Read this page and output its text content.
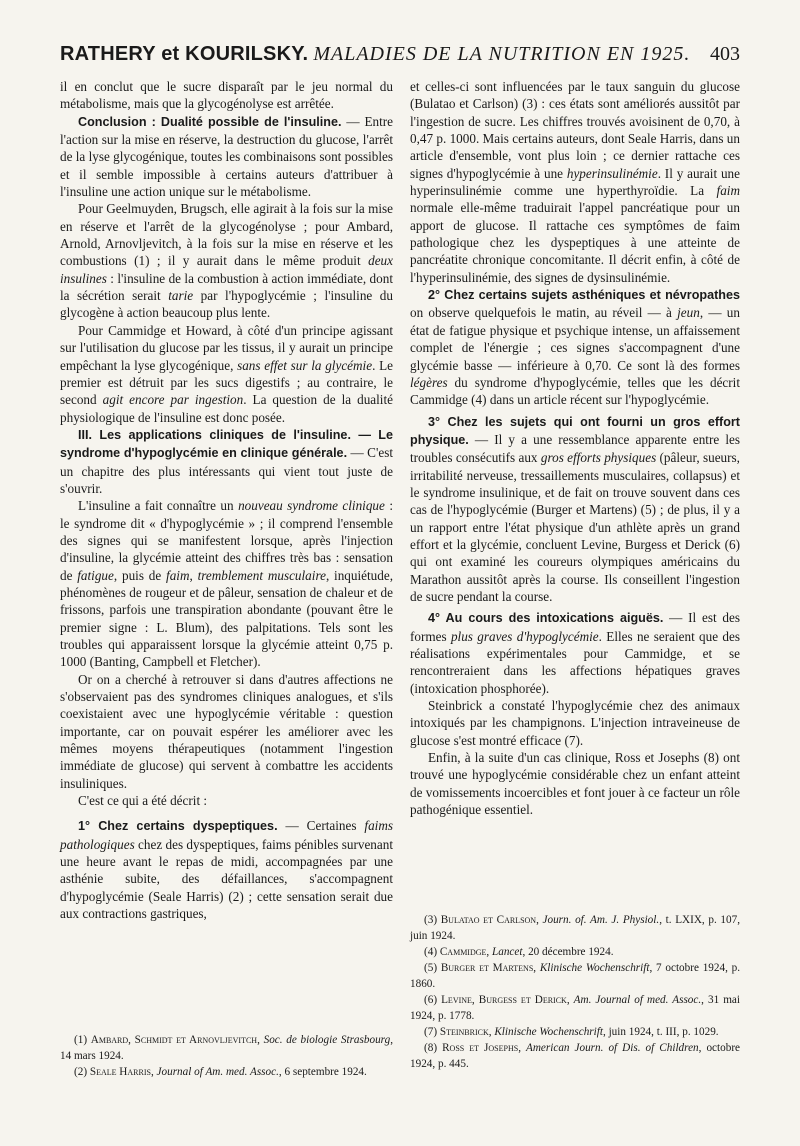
RATHERY et KOURILSKY. MALADIES DE LA NUTRITION EN 1925. 403

il en conclut que le sucre disparaît par le jeu normal du métabolisme, mais que la glycogénolyse est arrêtée.

Conclusion : Dualité possible de l'insuline. — Entre l'action sur la mise en réserve, la destruction du glucose, l'arrêt de la lyse glycogénique, toutes les combinaisons sont possibles et il semble impossible à certains auteurs d'attribuer à l'insuline une action unique sur le métabolisme.

Pour Geelmuyden, Brugsch, elle agirait à la fois sur la mise en réserve et l'arrêt de la glycogénolyse ; pour Ambard, Arnold, Arnovljevitch, à la fois sur la mise en réserve et les combustions (1) ; il y aurait dans le même produit deux insulines : l'insuline de la combustion à action immédiate, dont la sécrétion serait tarie par l'hypoglycémie ; l'insuline du glycogène à action beaucoup plus lente.

Pour Cammidge et Howard, à côté d'un principe agissant sur l'utilisation du glucose par les tissus, il y aurait un principe empêchant la lyse glycogénique, sans effet sur la glycémie. Le premier est détruit par les sucs digestifs ; au contraire, le second agit encore par ingestion. La question de la dualité physiologique de l'insuline est donc posée.

III. Les applications cliniques de l'insuline. — Le syndrome d'hypoglycémie en clinique générale. — C'est un chapitre des plus intéressants qui vient tout juste de s'ouvrir.

L'insuline a fait connaître un nouveau syndrome clinique : le syndrome dit « d'hypoglycémie » ; il comprend l'ensemble des signes qui se manifestent lorsque, après l'injection d'insuline, la glycémie atteint des chiffres très bas : sensation de fatigue, puis de faim, tremblement musculaire, inquiétude, phénomènes de rougeur et de pâleur, sensation de chaleur et de frissons, parfois une transpiration abondante (pouvant être le premier signe : L. Blum), des palpitations. Tels sont les troubles qui apparaissent lorsque la glycémie atteint 0,75 p. 1000 (Banting, Campbell et Fletcher).

Or on a cherché à retrouver si dans d'autres affections ne s'observaient pas des syndromes cliniques analogues, et s'ils coexistaient avec une hypoglycémie véritable : question importante, car on pouvait espérer les améliorer avec les mêmes moyens thérapeutiques (notamment l'ingestion immédiate de glucose) qui servent à combattre les accidents insuliniques.

C'est ce qui a été décrit :

1° Chez certains dyspeptiques. — Certaines faims pathologiques chez des dyspeptiques, faims pénibles survenant une heure avant le repas de midi, accompagnées par une asthénie subite, des défaillances, s'accompagnent d'hypoglycémie (Seale Harris) (2) ; cette sensation serait due aux contractions gastriques,

(1) Ambard, Schmidt et Arnovljevitch, Soc. de biologie Strasbourg, 14 mars 1924.

(2) Seale Harris, Journal of Am. med. Assoc., 6 septembre 1924.

et celles-ci sont influencées par le taux sanguin du glucose (Bulatao et Carlson) (3) : ces états sont améliorés aussitôt par l'ingestion de sucre. Les chiffres trouvés avoisinent de 0,70, à 0,47 p. 1000. Mais certains auteurs, dont Seale Harris, dans un article d'ensemble, vont plus loin ; ce dernier rattache ces signes d'hypoglycémie à une hyperinsulinémie. Il y aurait une hyperinsulinémie comme une hyperthyroïdie. La faim normale elle-même traduirait l'appel pancréatique pour un apport de glucose. Il rattache ces symptômes de faim pathologique chez les dyspeptiques à une atteinte de pancréatite chronique concomitante. Il décrit enfin, à côté de l'hyperinsulinémie, des signes de dysinsulinémie.

2° Chez certains sujets asthéniques et névropathes on observe quelquefois le matin, au réveil — à jeun, — un état de fatigue physique et psychique intense, un affaissement complet de l'énergie ; ces signes s'accompagnent d'une glycémie basse — inférieure à 0,70. Ce sont là des formes légères du syndrome d'hypoglycémie, telles que les décrit Cammidge (4) dans un article récent sur l'hypoglycémie.

3° Chez les sujets qui ont fourni un gros effort physique. — Il y a une ressemblance apparente entre les troubles consécutifs aux gros efforts physiques (pâleur, sueurs, irritabilité nerveuse, tressaillements musculaires, collapsus) et le syndrome insulinique, et de fait on trouve souvent dans ces cas de l'hypoglycémie (Burger et Martens) (5) ; de plus, il y a un rapport entre l'état physique d'un athlète après un grand effort et la glycémie, concluent Levine, Burgess et Derick (6) qui ont examiné les coureurs olympiques américains du Marathon aussitôt après la course. Ils conseillent l'ingestion de sucre pendant la course.

4° Au cours des intoxications aiguës. — Il est des formes plus graves d'hypoglycémie. Elles ne seraient que des réalisations expérimentales pour Cammidge, et se rencontreraient dans les affections hépatiques graves (intoxication phosphorée).

Steinbrick a constaté l'hypoglycémie chez des animaux intoxiqués par les champignons. L'injection intraveineuse de glucose s'est montré efficace (7).

Enfin, à la suite d'un cas clinique, Ross et Josephs (8) ont trouvé une hypoglycémie considérable chez un enfant atteint de vomissements incoercibles et font jouer à ce facteur un rôle pathogénique essentiel.

(3) Bulatao et Carlson, Journ. of. Am. J. Physiol., t. LXIX, p. 107, juin 1924.

(4) Cammidge, Lancet, 20 décembre 1924.

(5) Burger et Martens, Klinische Wochenschrift, 7 octobre 1924, p. 1860.

(6) Levine, Burgess et Derick, Am. Journal of med. Assoc., 31 mai 1924, p. 1778.

(7) Steinbrick, Klinische Wochenschrift, juin 1924, t. III, p. 1029.

(8) Ross et Josephs, American Journ. of Dis. of Children, octobre 1924, p. 445.
